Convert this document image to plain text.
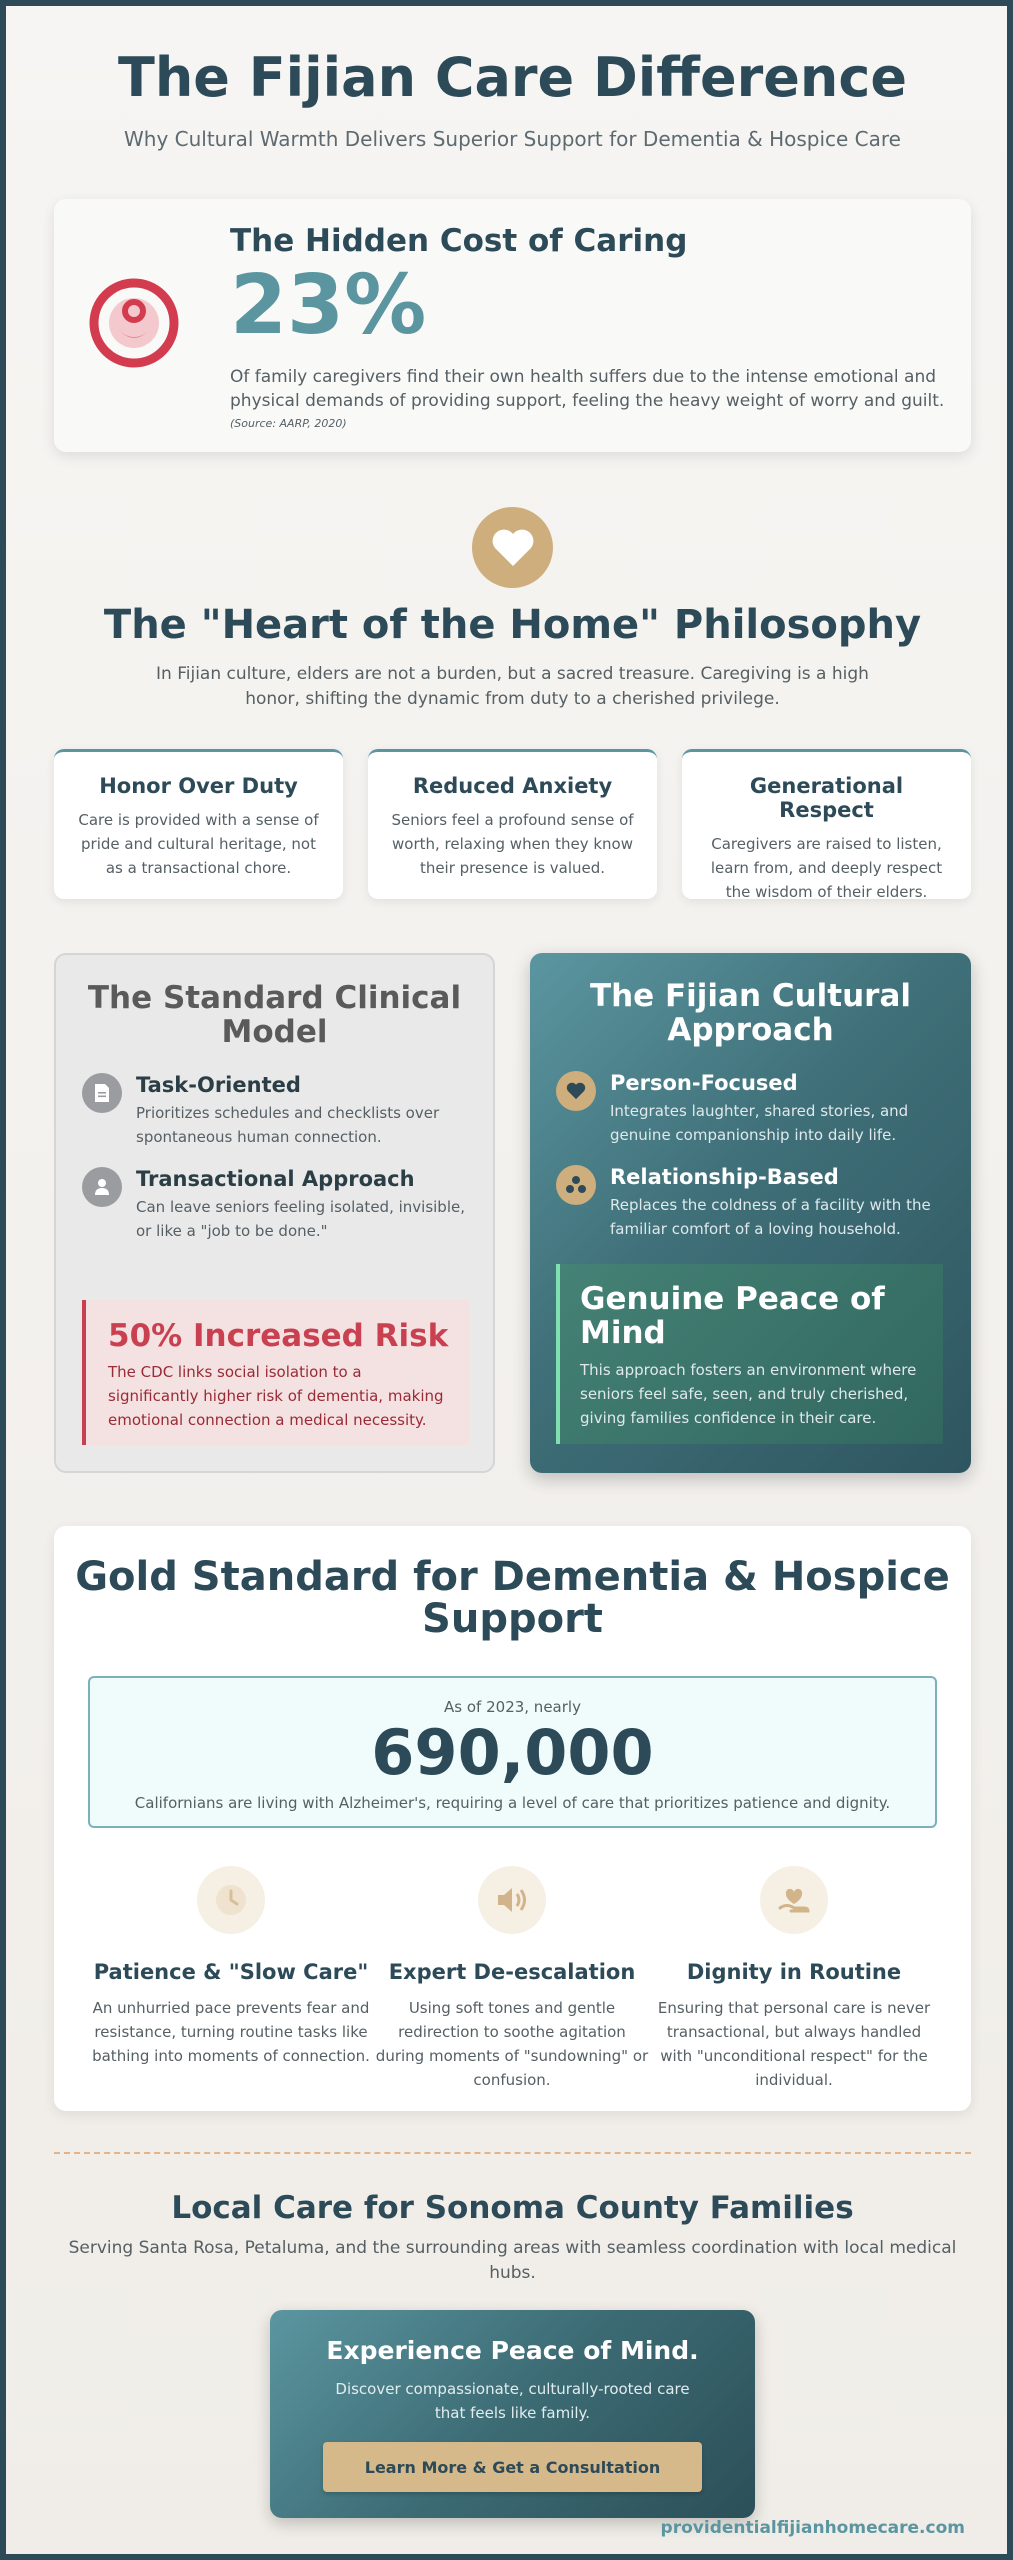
The Fijian Care Difference

Why Cultural Warmth Delivers Superior Support for Dementia & Hospice Care

The Hidden Cost of Caring
23%

Of family caregivers find their own health suffers due to the intense emotional and physical demands of providing support, feeling the heavy weight of worry and guilt.

(Source: AARP, 2020)

The "Heart of the Home" Philosophy

In Fijian culture, elders are not a burden, but a sacred treasure. Caregiving is a high honor, shifting the dynamic from duty to a cherished privilege.

Honor Over Duty

Care is provided with a sense of pride and cultural heritage, not as a transactional chore.

Reduced Anxiety

Seniors feel a profound sense of worth, relaxing when they know their presence is valued.

Generational Respect

Caregivers are raised to listen, learn from, and deeply respect the wisdom of their elders.

The Standard Clinical Model
Task-Oriented
Prioritizes schedules and checklists over spontaneous human connection.
Transactional Approach
Can leave seniors feeling isolated, invisible, or like a "job to be done."
50% Increased Risk

The CDC links social isolation to a significantly higher risk of dementia, making emotional connection a medical necessity.

The Fijian Cultural Approach
Person-Focused
Integrates laughter, shared stories, and genuine companionship into daily life.
Relationship-Based
Replaces the coldness of a facility with the familiar comfort of a loving household.
Genuine Peace of Mind

This approach fosters an environment where seniors feel safe, seen, and truly cherished, giving families confidence in their care.

Gold Standard for Dementia & Hospice Support

As of 2023, nearly

690,000

Californians are living with Alzheimer's, requiring a level of care that prioritizes patience and dignity.

Patience & "Slow Care"

An unhurried pace prevents fear and resistance, turning routine tasks like bathing into moments of connection.

Expert De-escalation

Using soft tones and gentle redirection to soothe agitation during moments of "sundowning" or confusion.

Dignity in Routine

Ensuring that personal care is never transactional, but always handled with "unconditional respect" for the individual.

Local Care for Sonoma County Families

Serving Santa Rosa, Petaluma, and the surrounding areas with seamless coordination with local medical hubs.

Experience Peace of Mind.

Discover compassionate, culturally-rooted care that feels like family.

Learn More & Get a Consultation
providentialfijianhomecare.com
